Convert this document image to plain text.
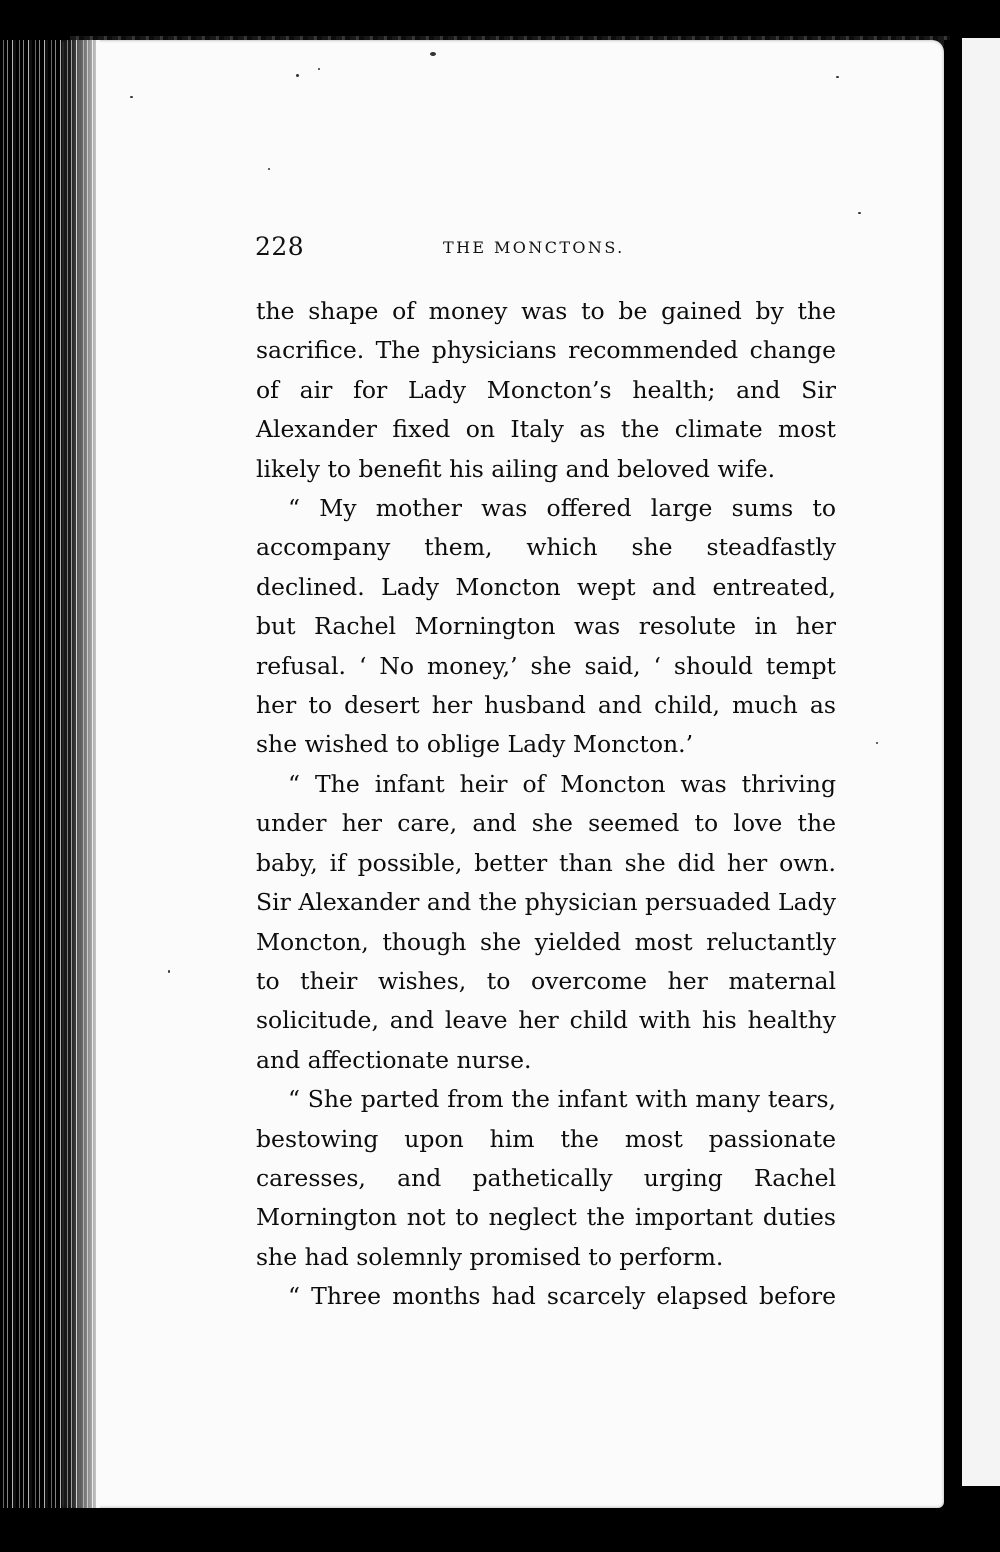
228	THE MONCTONS.

the shape of money was to be gained by the sacrifice. The physicians recommended change of air for Lady Moncton’s health; and Sir Alexander fixed on Italy as the climate most likely to benefit his ailing and beloved wife.

“ My mother was offered large sums to accompany them, which she steadfastly declined. Lady Moncton wept and entreated, but Rachel Mornington was resolute in her refusal. ‘ No money,’ she said, ‘ should tempt her to desert her husband and child, much as she wished to oblige Lady Moncton.’

“ The infant heir of Moncton was thriving under her care, and she seemed to love the baby, if possible, better than she did her own. Sir Alexander and the physician persuaded Lady Moncton, though she yielded most reluctantly to their wishes, to overcome her maternal solicitude, and leave her child with his healthy and affectionate nurse.

“ She parted from the infant with many tears, bestowing upon him the most passionate caresses, and pathetically urging Rachel Mornington not to neglect the important duties she had solemnly promised to perform.

“ Three months had scarcely elapsed before
